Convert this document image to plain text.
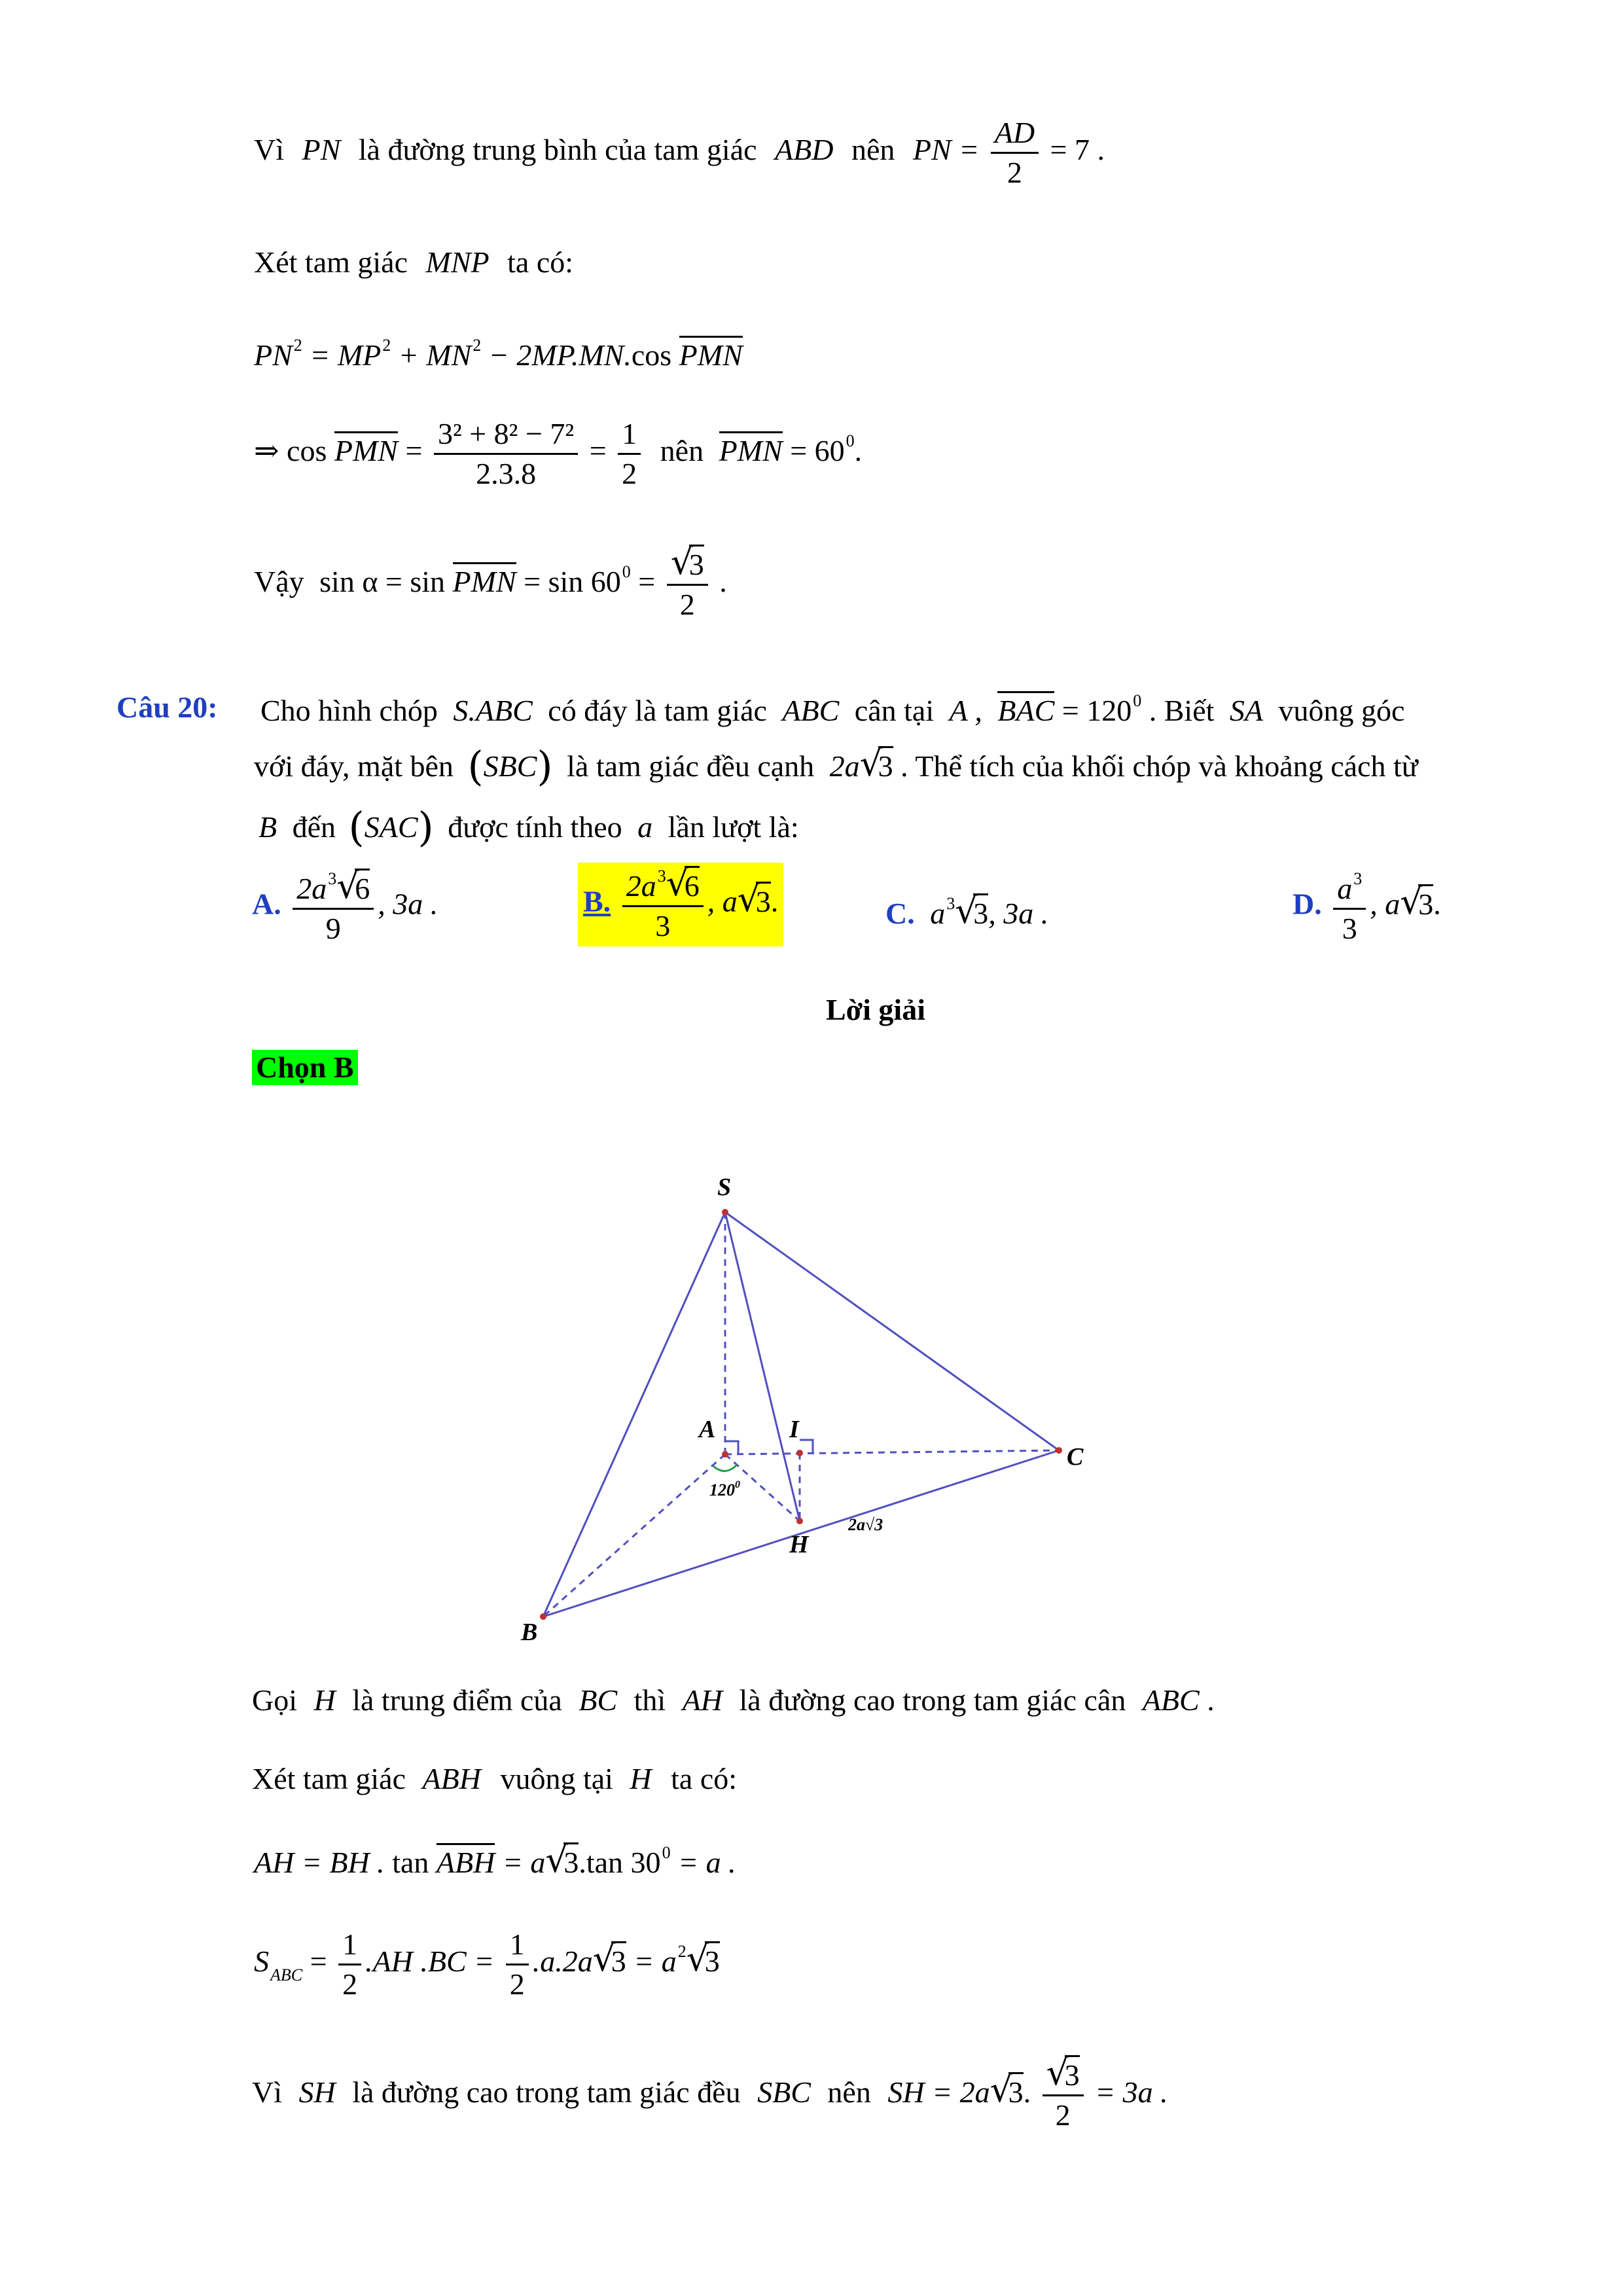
Vì PN là đường trung bình của tam giác ABD nên PN = $\frac{AD}{2} = 7$ .
Xét tam giác MNP ta có:
$PN^2 = MP^2 + MN^2 - 2MP.MN.\cos$ PMN
⇒ cos PMN = $\frac{\text{3² + 8² − 7²}}{2.3.8} = \frac{1}{2}$ nên PMN = $60^0$.
Vậy sin α = sin PMN = $\sin 60^0$ = √ $\frac{3}{2}$ .
Câu 20: Cho hình chóp S.ABC có đáy là tam giác ABC cân tại A , BAC = $120^0$ . Biết SA vuông góc
với đáy, mặt bên (SBC) là tam giác đều cạnh 2a √ 3 . Thể tích của khối chóp và khoảng cách từ
B đến (SAC) được tính theo a lần lượt là:
A. $\frac{2a^3 √ 6}{9}$ , 3a .	B. $\frac{2a^3 √ 6}{3}$ , a √ 3.	C. $a^3$ √ 3, 3a .	D. $\frac{a^3}{3}$ , a √ 3.
Lời giải
Chọn B
S
A	I
C
H
B
$120^0$
2a√3
Gọi H là trung điểm của BC thì AH là đường cao trong tam giác cân ABC .
Xét tam giác ABH vuông tại H ta có:
AH = BH . tan ABH = a √ 3.tan $30^0 = a$ .
$S_{ABC} = \frac{1}{2} .AH$ $.BC = \frac{1}{2} .a.2a$ √ $3 = a^2$ √ 3
Vì SH là đường cao trong tam giác đều SBC nên SH = 2a √ 3. √ $\frac{3}{2} = 3a$ .
